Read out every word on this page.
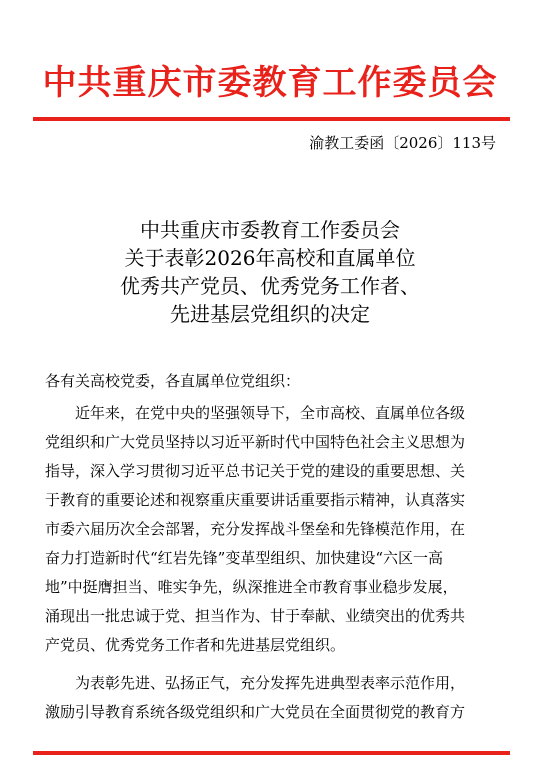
中共重庆市委教育工作委员会
渝教工委函〔2026〕113号

中共重庆市委教育工作委员会

关于表彰2026年高校和直属单位

优秀共产党员、优秀党务工作者、

先进基层党组织的决定

各有关高校党委，各直属单位党组织：
近年来，在党中央的坚强领导下，全市高校、直属单位各级
党组织和广大党员坚持以习近平新时代中国特色社会主义思想为
指导，深入学习贯彻习近平总书记关于党的建设的重要思想、关
于教育的重要论述和视察重庆重要讲话重要指示精神，认真落实
市委六届历次全会部署，充分发挥战斗堡垒和先锋模范作用，在
奋力打造新时代“红岩先锋”变革型组织、加快建设“六区一高
地”中挺膺担当、唯实争先，纵深推进全市教育事业稳步发展，
涌现出一批忠诚于党、担当作为、甘于奉献、业绩突出的优秀共
产党员、优秀党务工作者和先进基层党组织。
为表彰先进、弘扬正气，充分发挥先进典型表率示范作用，
激励引导教育系统各级党组织和广大党员在全面贯彻党的教育方
